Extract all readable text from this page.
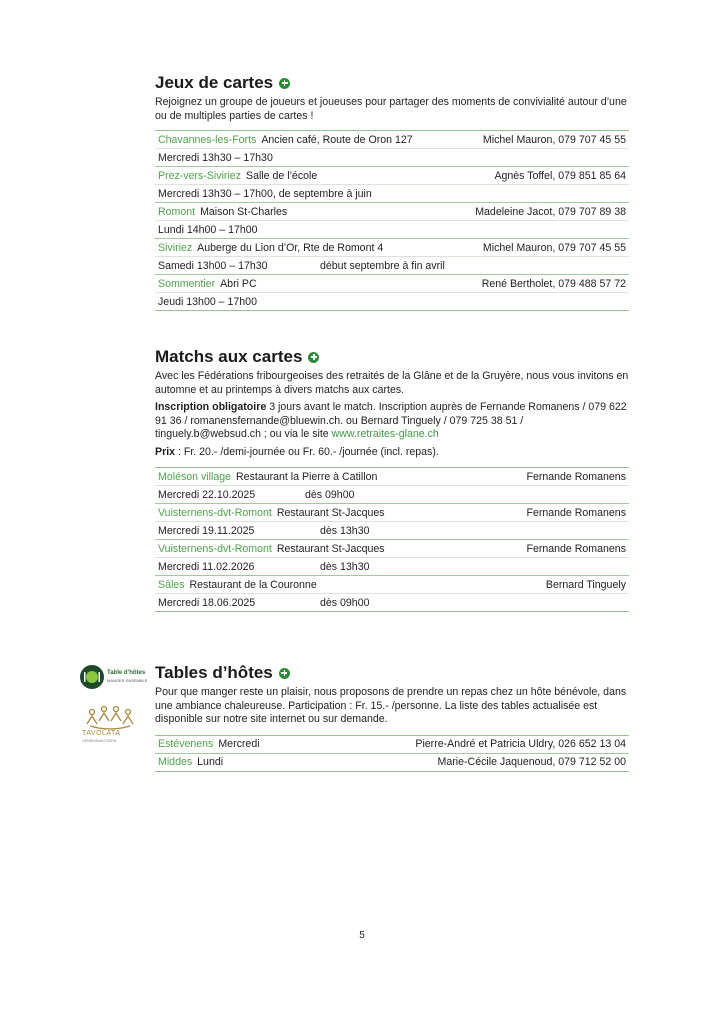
Jeux de cartes

Rejoignez un groupe de joueurs et joueuses pour partager des moments de convivialité autour d’une ou de multiples parties de cartes !

Chavannes-les-Forts Ancien café, Route de Oron 127	Michel Mauron, 079 707 45 55
Mercredi 13h30 – 17h30
Prez-vers-Siviriez Salle de l’école	Agnès Toffel, 079 851 85 64
Mercredi 13h30 – 17h00, de septembre à juin
Romont Maison St-Charles	Madeleine Jacot, 079 707 89 38
Lundi 14h00 – 17h00
Siviriez Auberge du Lion d’Or, Rte de Romont 4	Michel Mauron, 079 707 45 55
Samedi 13h00 – 17h30	début septembre à fin avril
Sommentier Abri PC	René Bertholet, 079 488 57 72
Jeudi 13h00 – 17h00
Matchs aux cartes

Avec les Fédérations fribourgeoises des retraités de la Glâne et de la Gruyère, nous vous invitons en automne et au printemps à divers matchs aux cartes.

Inscription obligatoire 3 jours avant le match. Inscription auprès de Fernande Romanens / 079 622 91 36 / romanensfernande@bluewin.ch. ou Bernard Tinguely / 079 725 38 51 / tinguely.b@websud.ch ; ou via le site www.retraites-glane.ch

Prix : Fr. 20.- /demi-journée ou Fr. 60.- /journée (incl. repas).

Moléson village Restaurant la Pierre à Catillon	Fernande Romanens
Mercredi 22.10.2025	dès 09h00
Vuisternens-dvt-Romont Restaurant St-Jacques	Fernande Romanens
Mercredi 19.11.2025	dès 13h30
Vuisternens-dvt-Romont Restaurant St-Jacques	Fernande Romanens
Mercredi 11.02.2026	dès 13h30
Sâles Restaurant de la Couronne	Bernard Tinguely
Mercredi 18.06.2025	dès 09h00
Table d’hôtes
MANGER ENSEMBLE
TAVOLATA
GEMEINSAM ESSEN
Tables d’hôtes

Pour que manger reste un plaisir, nous proposons de prendre un repas chez un hôte bénévole, dans une ambiance chaleureuse. Participation : Fr. 15.- /personne. La liste des tables actualisée est disponible sur notre site internet ou sur demande.

Estévenens Mercredi	Pierre-André et Patricia Uldry, 026 652 13 04
Middes Lundi	Marie-Cécile Jaquenoud, 079 712 52 00
5
